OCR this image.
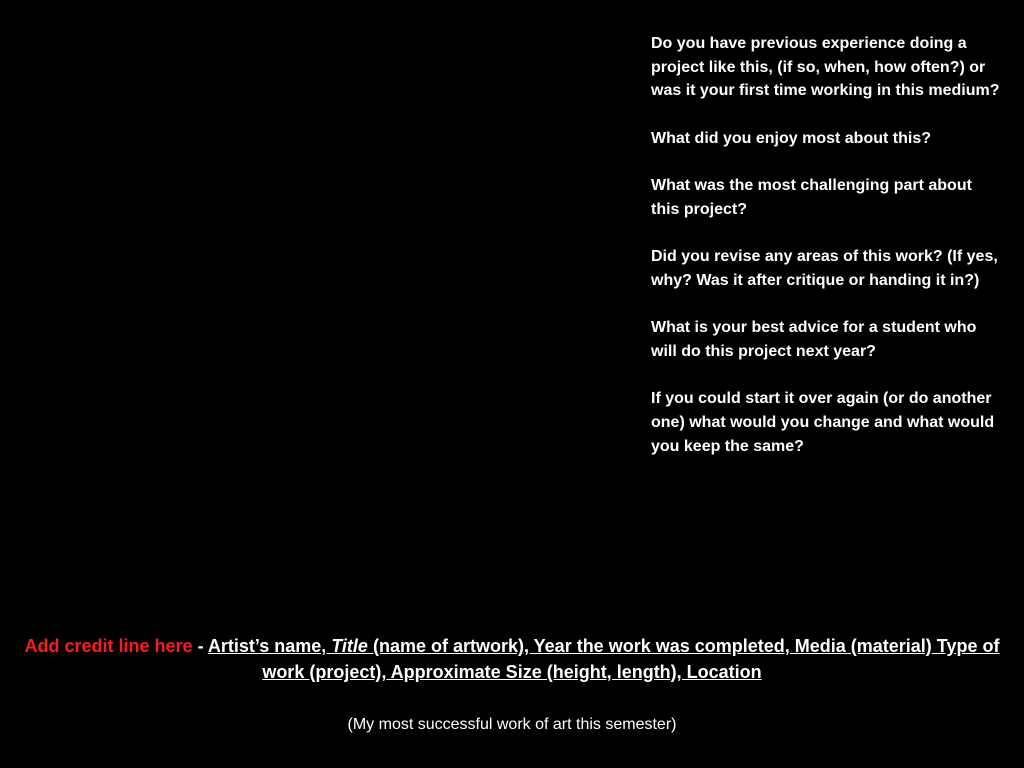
Do you have previous experience doing a project like this, (if so, when, how often?) or was it your first time working in this medium?

What did you enjoy most about this?

What was the most challenging part about this project?

Did you revise any areas of this work? (If yes, why? Was it after critique or handing it in?)

What is your best advice for a student who will do this project next year?

If you could start it over again (or do another one) what would you change and what would you keep the same?

Add credit line here - Artist’s name, Title (name of artwork), Year the work was completed, Media (material) Type of work (project), Approximate Size (height, length), Location
(My most successful work of art this semester)
